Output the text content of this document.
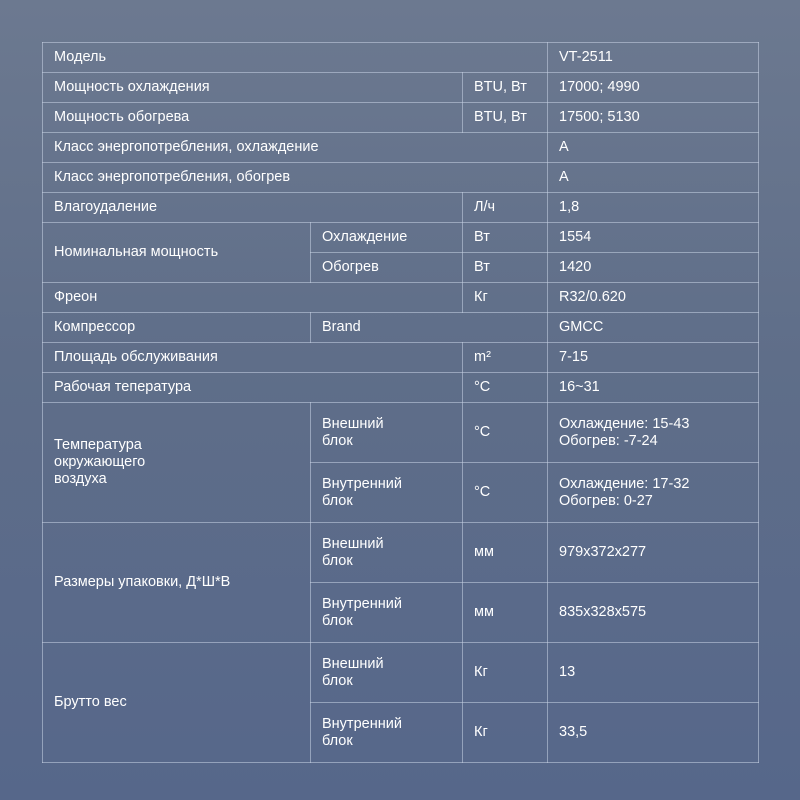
Модель			VT-2511
Мощность охлаждения		BTU, Вт	17000; 4990
Мощность обогрева		BTU, Вт	17500; 5130
Класс энергопотребления, охлаждение			A
Класс энергопотребления, обогрев			A
Влагоудаление		Л/ч	1,8
Номинальная мощность	Охлаждение	Вт	1554
	Обогрев	Вт	1420
Фреон		Кг	R32/0.620
Компрессор	Brand		GMCC
Площадь обслуживания		m²	7-15
Рабочая тепература		°C	16~31
Температура окружающего воздуха	Внешний блок	°C	Охлаждение: 15-43
Обогрев: -7-24
	Внутренний блок	°C	Охлаждение: 17-32
Обогрев: 0-27
Размеры упаковки, Д*Ш*В	Внешний блок	мм	979x372x277
	Внутренний блок	мм	835x328x575
Брутто вес	Внешний блок	Кг	13
	Внутренний блок	Кг	33,5
